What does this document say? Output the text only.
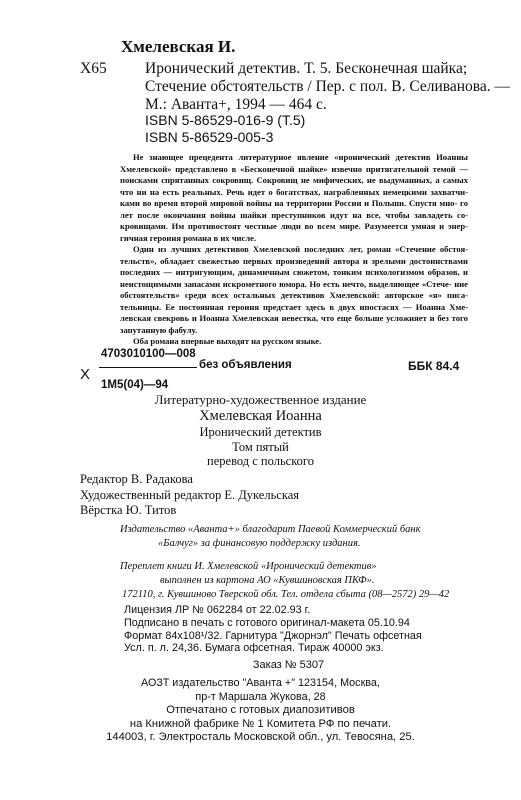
Хмелевская И.
Х65 Иронический детектив. Т. 5. Бесконечная шайка;
Стечение обстоятельств / Пер. с пол. В. Селиванова. —
М.: Аванта+, 1994 — 464 с.
ISBN 5-86529-016-9 (Т.5)
ISBN 5-86529-005-3

Не знающее прецедента литературное явление «иронический детектив Иоанны Хмелевской» представлено в «Бесконечной шайке» извечно притягательной темой — поисками спрятанных сокровищ. Сокровищ не мифических, не выдуманных, а самых что ни на есть реальных. Речь идет о богатствах, награбленных немецкими захватчи- ками во время второй мировой войны на территории России и Польши. Спустя мно- го лет после окончания войны шайки преступников идут на все, чтобы завладеть со- кровищами. Им противостоят честные люди во всем мире. Разумеется умная и энер- гичная героиня романа в их числе.

Один из лучших детективов Хмелевской последних лет, роман «Стечение обстоя- тельств», обладает свежестью первых произведений автора и зрелыми достоинствами последних — интригующим, динамичным сюжетом, тонким психологизмом образов, и неистощимыми запасами искрометного юмора. Но есть нечто, выделяющее «Стече- ние обстоятельств» среди всех остальных детективов Хмелевской: авторское «я» писа- тельницы. Ее постоянная героиня предстает здесь в двух ипостасях — Иоанна Хме- левская свекровь и Иоанна Хмелевская невестка, что еще больше усложняет и без того запутанную фабулу.

Оба романа впервые выходят на русском языке.

Х
4703010100—008
1М5(04)—94
без объявления	ББК 84.4
Литературно-художественное издание
Хмелевская Иоанна
Иронический детектив
Том пятый
перевод с польского
Редактор В. Радакова
Художественный редактор Е. Дукельская
Вёрстка Ю. Титов
Издательство «Аванта+» благодарит Паевой Коммерческий банк
«Балчуг» за финансовую поддержку издания.
Переплет книги И. Хмелевской «Иронический детектив»
выполнен из картона АО «Кувшиновская ПКФ».
172110, г. Кувшиново Тверской обл. Тел. отдела сбыта (08—2572) 29—42
Лицензия ЛР № 062284 от 22.02.93 г.
Подписано в печать с готового оригинал-макета 05.10.94
Формат 84х108¹/32. Гарнитура "Джорнэл" Печать офсетная
Усл. п. л. 24,36. Бумага офсетная. Тираж 40000 экз.
Заказ № 5307
АОЗТ издательство "Аванта +" 123154, Москва,
пр-т Маршала Жукова, 28
Отпечатано с готовых диапозитивов
на Книжной фабрике № 1 Комитета РФ по печати.
144003, г. Электросталь Московской обл., ул. Тевосяна, 25.
